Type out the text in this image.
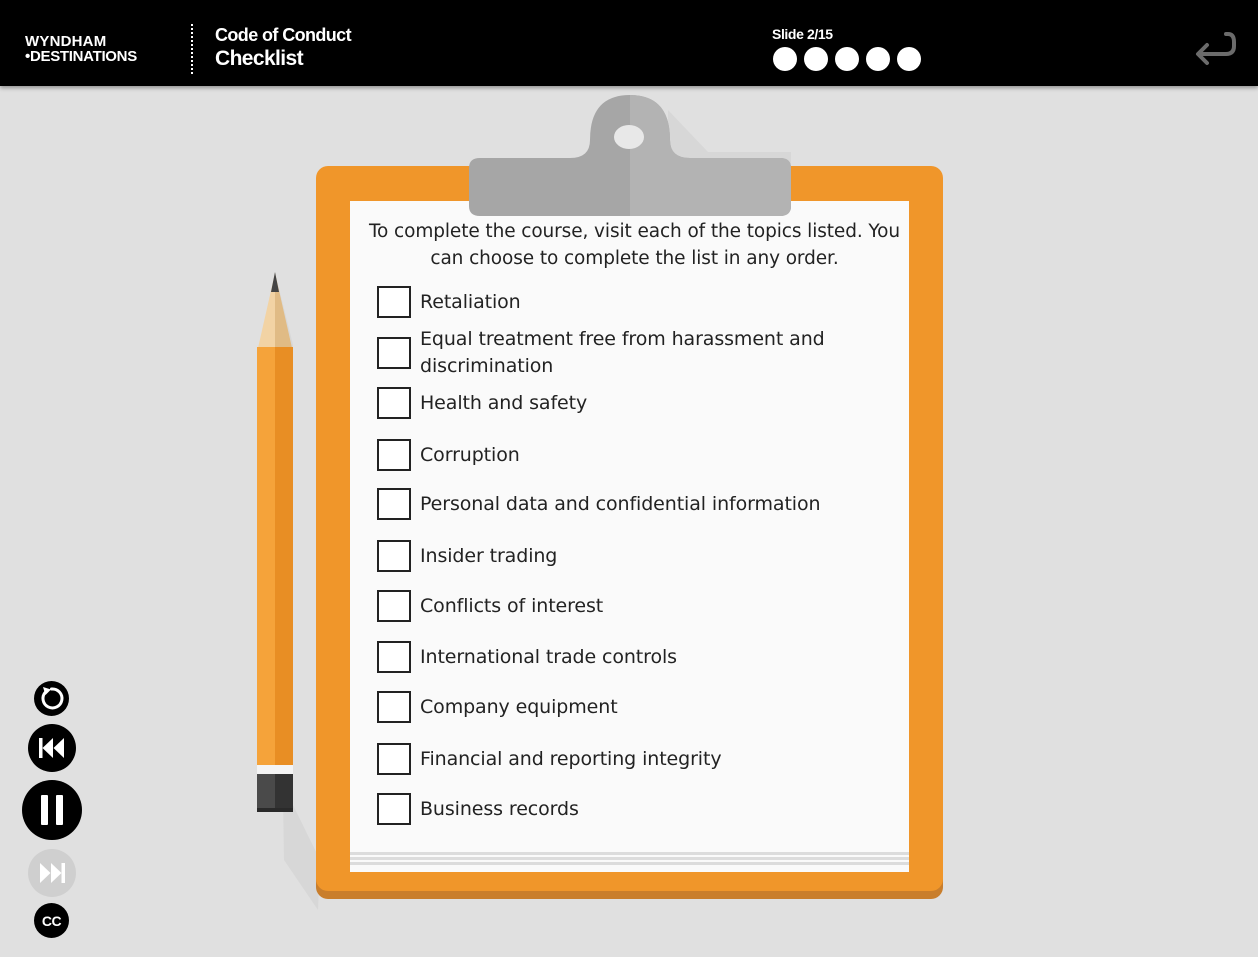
WYNDHAM
•DESTINATIONS
Code of Conduct
Checklist
Slide 2/15
To complete the course, visit each of the topics listed. You can choose to complete the list in any order.
Retaliation
Equal treatment free from harassment and discrimination
Health and safety
Corruption
Personal data and confidential information
Insider trading
Conflicts of interest
International trade controls
Company equipment
Financial and reporting integrity
Business records
CC
